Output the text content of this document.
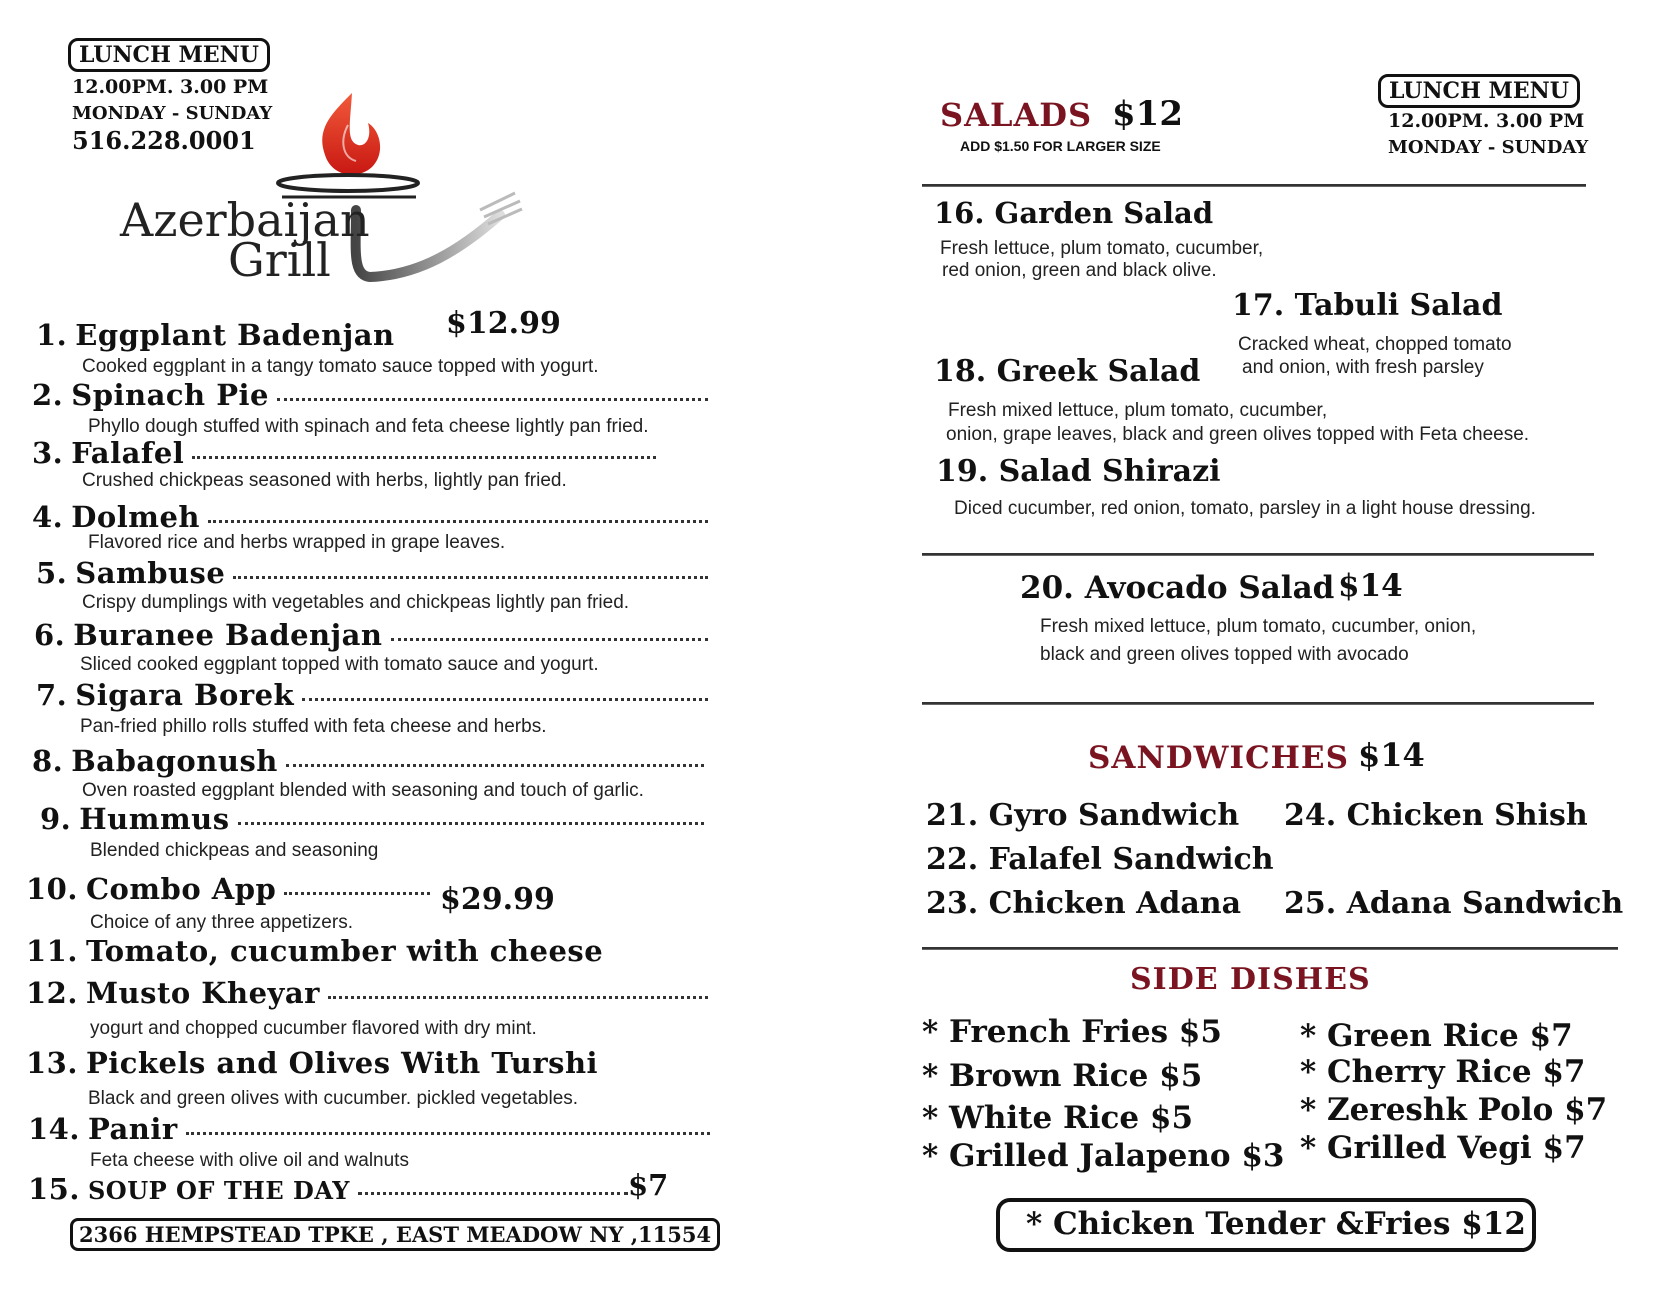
LUNCH MENU
12.00PM. 3.00 PM
MONDAY - SUNDAY
516.228.0001
Azerbaijan
Grill
$12.99
1. Eggplant Badenjan
Cooked eggplant in a tangy tomato sauce topped with yogurt.
2. Spinach Pie
Phyllo dough stuffed with spinach and feta cheese lightly pan fried.
3. Falafel
Crushed chickpeas seasoned with herbs, lightly pan fried.
4. Dolmeh
Flavored rice and herbs wrapped in grape leaves.
5. Sambuse
Crispy dumplings with vegetables and chickpeas lightly pan fried.
6. Buranee Badenjan
Sliced cooked eggplant topped with tomato sauce and yogurt.
7. Sigara Borek
Pan-fried phillo rolls stuffed with feta cheese and herbs.
8. Babagonush
Oven roasted eggplant blended with seasoning and touch of garlic.
9. Hummus
Blended chickpeas and seasoning
10. Combo App	$29.99
Choice of any three appetizers.
11. Tomato, cucumber with cheese
12. Musto Kheyar
yogurt and chopped cucumber flavored with dry mint.
13. Pickels and Olives With Turshi
Black and green olives with cucumber. pickled vegetables.
14. Panir
Feta cheese with olive oil and walnuts
15. SOUP OF THE DAY	$7
2366 HEMPSTEAD TPKE , EAST MEADOW NY ,11554
SALADS $12
ADD $1.50 FOR LARGER SIZE
LUNCH MENU
12.00PM. 3.00 PM
MONDAY - SUNDAY
16. Garden Salad
Fresh lettuce, plum tomato, cucumber,
red onion, green and black olive.
17. Tabuli Salad
Cracked wheat, chopped tomato
and onion, with fresh parsley
18. Greek Salad
Fresh mixed lettuce, plum tomato, cucumber,
onion, grape leaves, black and green olives topped with Feta cheese.
19. Salad Shirazi
Diced cucumber, red onion, tomato, parsley in a light house dressing.
20. Avocado Salad $14
Fresh mixed lettuce, plum tomato, cucumber, onion,
black and green olives topped with avocado
SANDWICHES $14
21. Gyro Sandwich
22. Falafel Sandwich
23. Chicken Adana
24. Chicken Shish
25. Adana Sandwich
SIDE DISHES
* French Fries $5
* Brown Rice $5
* White Rice $5
* Grilled Jalapeno $3
* Green Rice $7
* Cherry Rice $7
* Zereshk Polo $7
* Grilled Vegi $7
* Chicken Tender &Fries $12
